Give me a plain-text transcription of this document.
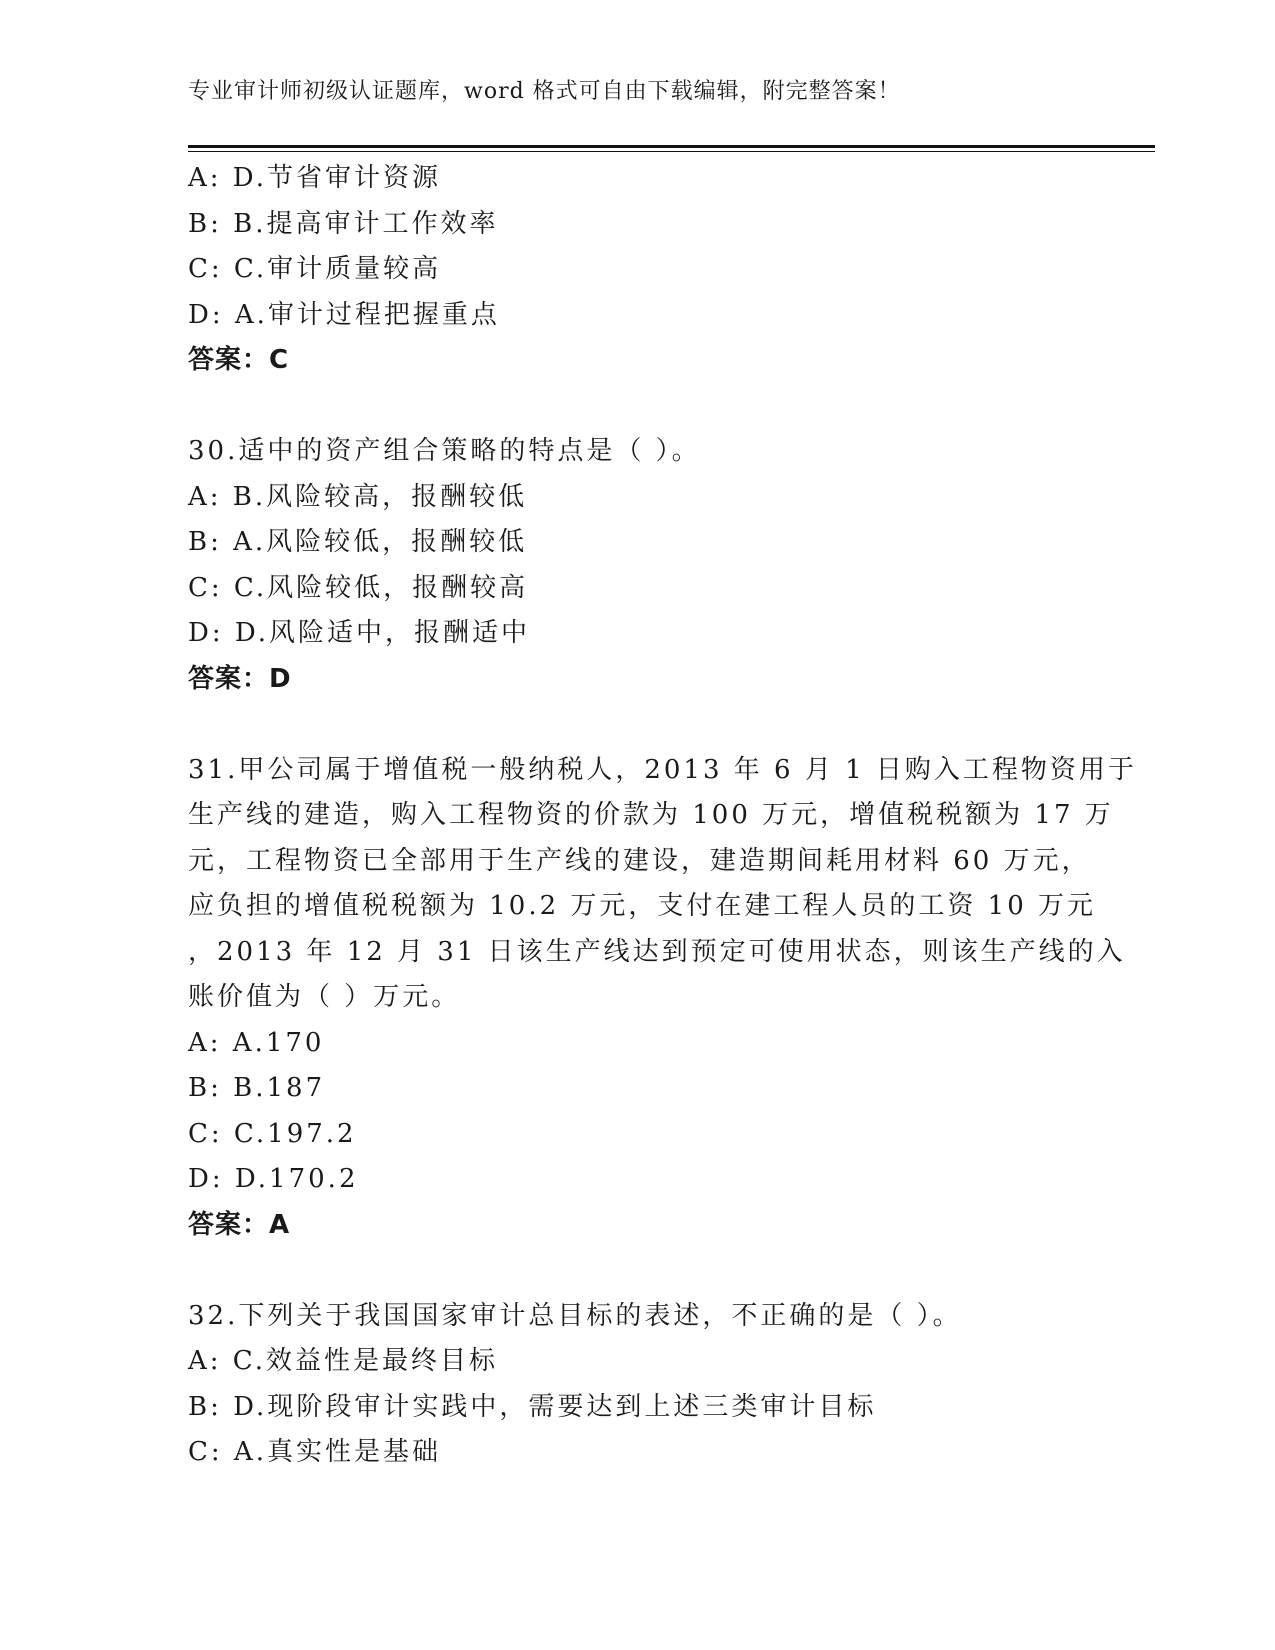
专业审计师初级认证题库，word 格式可自由下载编辑，附完整答案！
A: D.节省审计资源
B: B.提高审计工作效率
C: C.审计质量较高
D: A.审计过程把握重点
答案：C
30.适中的资产组合策略的特点是（ ）。
A: B.风险较高，报酬较低
B: A.风险较低，报酬较低
C: C.风险较低，报酬较高
D: D.风险适中，报酬适中
答案：D
31.甲公司属于增值税一般纳税人，2013 年 6 月 1 日购入工程物资用于
生产线的建造，购入工程物资的价款为 100 万元，增值税税额为 17 万
元，工程物资已全部用于生产线的建设，建造期间耗用材料 60 万元，
应负担的增值税税额为 10.2 万元，支付在建工程人员的工资 10 万元
，2013 年 12 月 31 日该生产线达到预定可使用状态，则该生产线的入
账价值为（ ）万元。
A: A.170
B: B.187
C: C.197.2
D: D.170.2
答案：A
32.下列关于我国国家审计总目标的表述，不正确的是（ ）。
A: C.效益性是最终目标
B: D.现阶段审计实践中，需要达到上述三类审计目标
C: A.真实性是基础
